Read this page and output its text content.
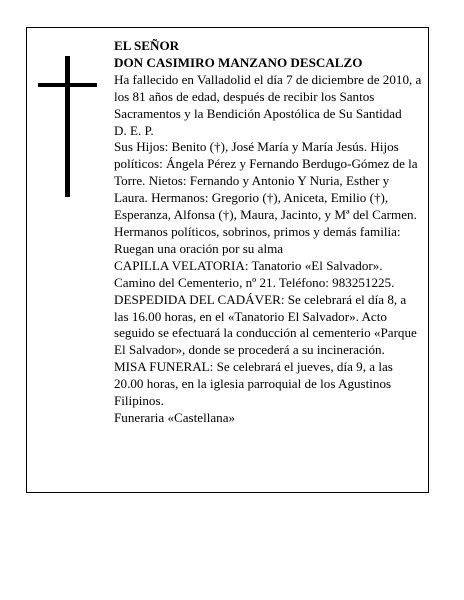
EL SEÑOR

DON CASIMIRO MANZANO DESCALZO

Ha fallecido en Valladolid el día 7 de diciembre de 2010, a los 81 años de edad, después de recibir los Santos Sacramentos y la Bendición Apostólica de Su Santidad

D. E. P.

Sus Hijos: Benito (†), José María y María Jesús. Hijos políticos: Ángela Pérez y Fernando Berdugo-Gómez de la Torre. Nietos: Fernando y Antonio Y Nuria, Esther y Laura. Hermanos: Gregorio (†), Aniceta, Emilio (†), Esperanza, Alfonsa (†), Maura, Jacinto, y Mª del Carmen. Hermanos políticos, sobrinos, primos y demás familia:

Ruegan una oración por su alma

CAPILLA VELATORIA: Tanatorio «El Salvador». Camino del Cementerio, nº 21. Teléfono: 983251225.

DESPEDIDA DEL CADÁVER: Se celebrará el día 8, a las 16.00 horas, en el «Tanatorio El Salvador». Acto seguido se efectuará la conducción al cementerio «Parque El Salvador», donde se procederá a su incineración.

MISA FUNERAL: Se celebrará el jueves, día 9, a las 20.00 horas, en la iglesia parroquial de los Agustinos Filipinos.

Funeraria «Castellana»
